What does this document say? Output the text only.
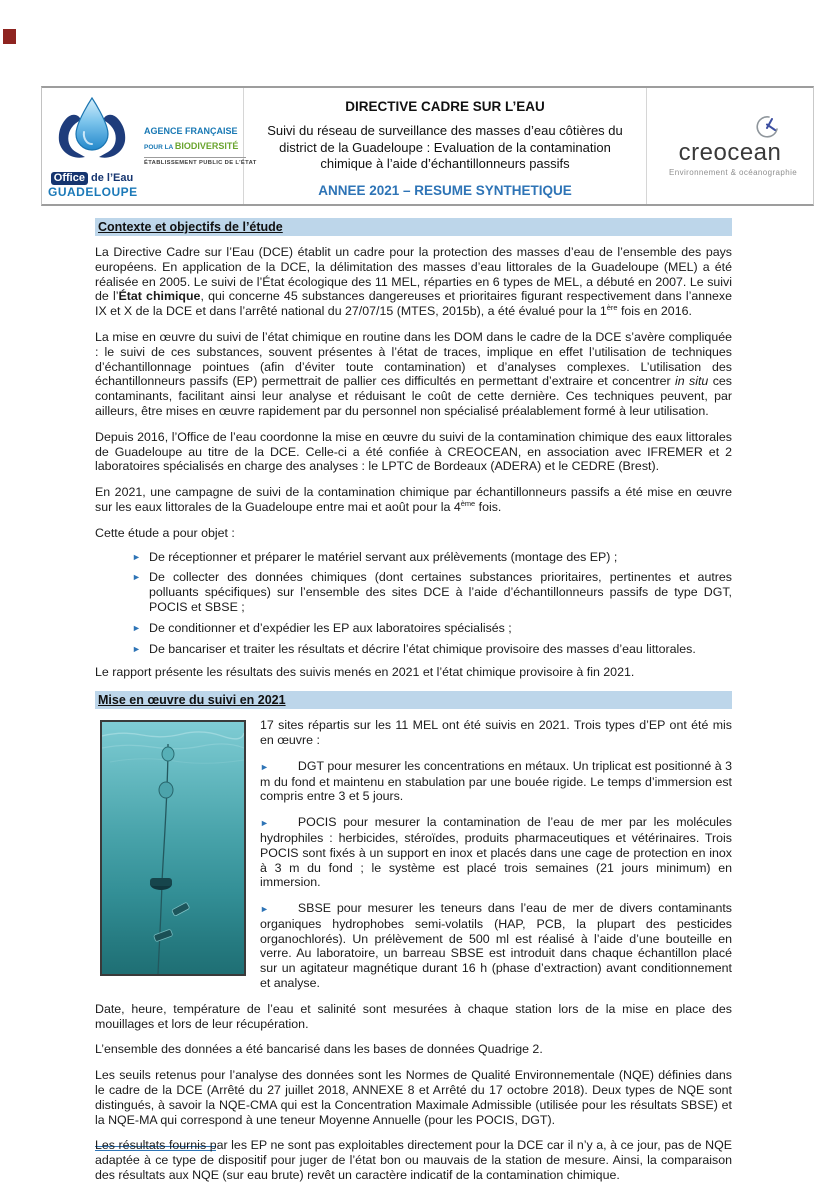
Office de l’Eau
GUADELOUPE
AGENCE FRANÇAISE
POUR LA BIODIVERSITÉ
ÉTABLISSEMENT PUBLIC DE L’ÉTAT
DIRECTIVE CADRE SUR L’EAU
Suivi du réseau de surveillance des masses d’eau côtières du district de la Guadeloupe : Evaluation de la contamination chimique à l’aide d’échantillonneurs passifs
ANNEE 2021 – RESUME SYNTHETIQUE
creocean
Environnement & océanographie
Contexte et objectifs de l’étude

La Directive Cadre sur l’Eau (DCE) établit un cadre pour la protection des masses d’eau de l’ensemble des pays européens. En application de la DCE, la délimitation des masses d’eau littorales de la Guadeloupe (MEL) a été réalisée en 2005. Le suivi de l’État écologique des 11 MEL, réparties en 6 types de MEL, a débuté en 2007. Le suivi de l’État chimique, qui concerne 45 substances dangereuses et prioritaires figurant respectivement dans l’annexe IX et X de la DCE et dans l’arrêté national du 27/07/15 (MTES, 2015b), a été évalué pour la 1ère fois en 2016.

La mise en œuvre du suivi de l’état chimique en routine dans les DOM dans le cadre de la DCE s’avère compliquée : le suivi de ces substances, souvent présentes à l’état de traces, implique en effet l’utilisation de techniques d’échantillonnage pointues (afin d’éviter toute contamination) et d’analyses complexes. L’utilisation des échantillonneurs passifs (EP) permettrait de pallier ces difficultés en permettant d’extraire et concentrer in situ ces contaminants, facilitant ainsi leur analyse et réduisant le coût de cette dernière. Ces techniques peuvent, par ailleurs, être mises en œuvre rapidement par du personnel non spécialisé préalablement formé à leur utilisation.

Depuis 2016, l’Office de l’eau coordonne la mise en œuvre du suivi de la contamination chimique des eaux littorales de Guadeloupe au titre de la DCE. Celle-ci a été confiée à CREOCEAN, en association avec IFREMER et 2 laboratoires spécialisés en charge des analyses : le LPTC de Bordeaux (ADERA) et le CEDRE (Brest).

En 2021, une campagne de suivi de la contamination chimique par échantillonneurs passifs a été mise en œuvre sur les eaux littorales de la Guadeloupe entre mai et août pour la 4ème fois.

Cette étude a pour objet :

► De réceptionner et préparer le matériel servant aux prélèvements (montage des EP) ;
► De collecter des données chimiques (dont certaines substances prioritaires, pertinentes et autres polluants spécifiques) sur l’ensemble des sites DCE à l’aide d’échantillonneurs passifs de type DGT, POCIS et SBSE ;
► De conditionner et d’expédier les EP aux laboratoires spécialisés ;
► De bancariser et traiter les résultats et décrire l’état chimique provisoire des masses d’eau littorales.

Le rapport présente les résultats des suivis menés en 2021 et l’état chimique provisoire à fin 2021.

Mise en œuvre du suivi en 2021

17 sites répartis sur les 11 MEL ont été suivis en 2021. Trois types d’EP ont été mis en œuvre :

► DGT pour mesurer les concentrations en métaux. Un triplicat est positionné à 3 m du fond et maintenu en stabulation par une bouée rigide. Le temps d’immersion est compris entre 3 et 5 jours.

► POCIS pour mesurer la contamination de l’eau de mer par les molécules hydrophiles : herbicides, stéroïdes, produits pharmaceutiques et vétérinaires. Trois POCIS sont fixés à un support en inox et placés dans une cage de protection en inox à 3 m du fond ; le système est placé trois semaines (21 jours minimum) en immersion.

► SBSE pour mesurer les teneurs dans l’eau de mer de divers contaminants organiques hydrophobes semi-volatils (HAP, PCB, la plupart des pesticides organochlorés). Un prélèvement de 500 ml est réalisé à l’aide d’une bouteille en verre. Au laboratoire, un barreau SBSE est introduit dans chaque échantillon placé sur un agitateur magnétique durant 16 h (phase d’extraction) avant conditionnement et analyse.

Date, heure, température de l’eau et salinité sont mesurées à chaque station lors de la mise en place des mouillages et lors de leur récupération.

L’ensemble des données a été bancarisé dans les bases de données Quadrige 2.

Les seuils retenus pour l’analyse des données sont les Normes de Qualité Environnementale (NQE) définies dans le cadre de la DCE (Arrêté du 27 juillet 2018, ANNEXE 8 et Arrêté du 17 octobre 2018). Deux types de NQE sont distingués, à savoir la NQE-CMA qui est la Concentration Maximale Admissible (utilisée pour les résultats SBSE) et la NQE-MA qui correspond à une teneur Moyenne Annuelle (pour les POCIS, DGT).

Les résultats fournis par les EP ne sont pas exploitables directement pour la DCE car il n’y a, à ce jour, pas de NQE adaptée à ce type de dispositif pour juger de l’état bon ou mauvais de la station de mesure. Ainsi, la comparaison des résultats aux NQE (sur eau brute) revêt un caractère indicatif de la contamination chimique.
